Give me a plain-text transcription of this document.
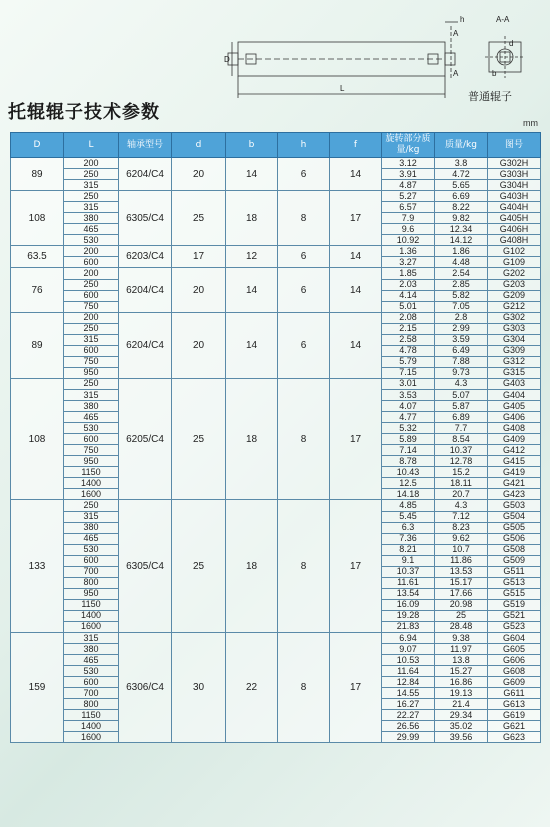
D
L
A
A
h	A-A
d
b
普通辊子
托辊辊子技术参数	mm
D	L	轴承型号	d	b	h	f	旋转部分质量/kg	质量/kg	图号
89	200	6204/C4	20	14	6	14	3.12	3.8	G302H
	250						3.91	4.72	G303H
	315						4.87	5.65	G304H
108	250	6305/C4	25	18	8	17	5.27	6.69	G403H
	315						6.57	8.22	G404H
	380						7.9	9.82	G405H
	465						9.6	12.34	G406H
	530						10.92	14.12	G408H
63.5	200	6203/C4	17	12	6	14	1.36	1.86	G102
	600						3.27	4.48	G109
76	200	6204/C4	20	14	6	14	1.85	2.54	G202
	250						2.03	2.85	G203
	600						4.14	5.82	G209
	750						5.01	7.05	G212
89	200	6204/C4	20	14	6	14	2.08	2.8	G302
	250						2.15	2.99	G303
	315						2.58	3.59	G304
	600						4.78	6.49	G309
	750						5.79	7.88	G312
	950						7.15	9.73	G315
108	250	6205/C4	25	18	8	17	3.01	4.3	G403
	315						3.53	5.07	G404
	380						4.07	5.87	G405
	465						4.77	6.89	G406
	530						5.32	7.7	G408
	600						5.89	8.54	G409
	750						7.14	10.37	G412
	950						8.78	12.78	G415
	1150						10.43	15.2	G419
	1400						12.5	18.11	G421
	1600						14.18	20.7	G423
133	250	6305/C4	25	18	8	17	4.85	4.3	G503
	315						5.45	7.12	G504
	380						6.3	8.23	G505
	465						7.36	9.62	G506
	530						8.21	10.7	G508
	600						9.1	11.86	G509
	700						10.37	13.53	G511
	800						11.61	15.17	G513
	950						13.54	17.66	G515
	1150						16.09	20.98	G519
	1400						19.28	25	G521
	1600						21.83	28.48	G523
159	315	6306/C4	30	22	8	17	6.94	9.38	G604
	380						9.07	11.97	G605
	465						10.53	13.8	G606
	530						11.64	15.27	G608
	600						12.84	16.86	G609
	700						14.55	19.13	G611
	800						16.27	21.4	G613
	1150						22.27	29.34	G619
	1400						26.56	35.02	G621
	1600						29.99	39.56	G623
